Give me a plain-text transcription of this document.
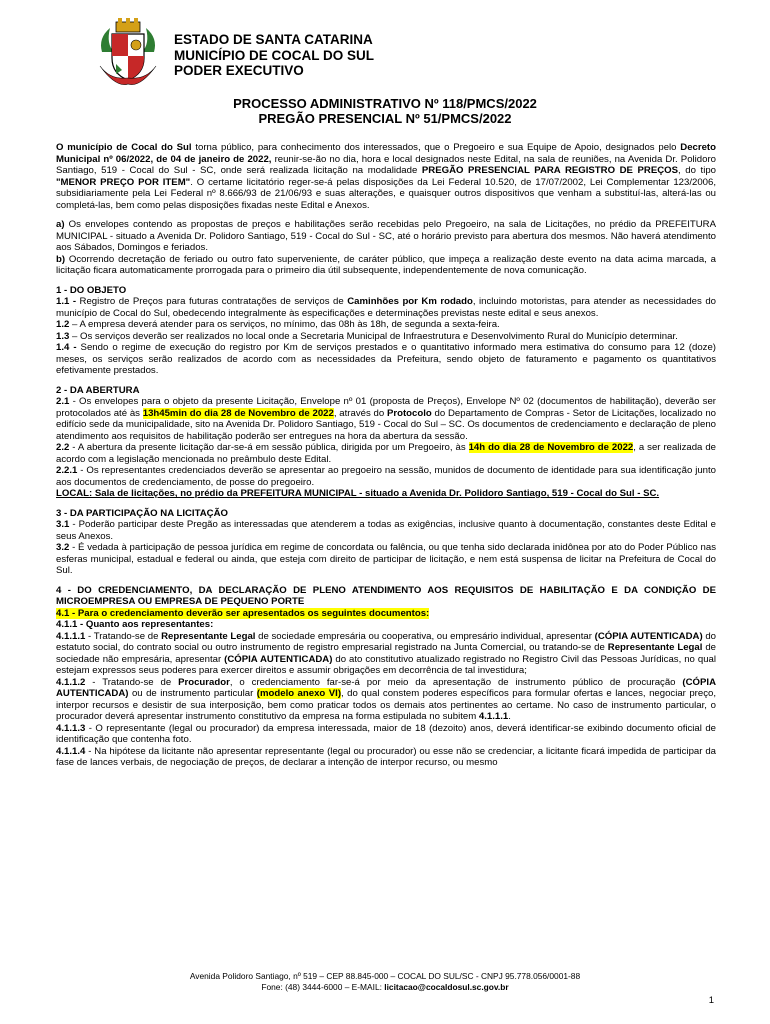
ESTADO DE SANTA CATARINA
MUNICÍPIO DE COCAL DO SUL
PODER EXECUTIVO
PROCESSO ADMINISTRATIVO Nº 118/PMCS/2022
PREGÃO PRESENCIAL Nº 51/PMCS/2022

O município de Cocal do Sul torna público, para conhecimento dos interessados, que o Pregoeiro e sua Equipe de Apoio, designados pelo Decreto Municipal nº 06/2022, de 04 de janeiro de 2022, reunir-se-ão no dia, hora e local designados neste Edital, na sala de reuniões, na Avenida Dr. Polidoro Santiago, 519 - Cocal do Sul - SC, onde será realizada licitação na modalidade PREGÃO PRESENCIAL PARA REGISTRO DE PREÇOS, do tipo "MENOR PREÇO POR ITEM". O certame licitatório reger-se-á pelas disposições da Lei Federal 10.520, de 17/07/2002, Lei Complementar 123/2006, subsidiariamente pela Lei Federal nº 8.666/93 de 21/06/93 e suas alterações, e quaisquer outros dispositivos que venham a substituí-las, alterá-las ou completá-las, bem como pelas disposições fixadas neste Edital e Anexos.

a) Os envelopes contendo as propostas de preços e habilitações serão recebidas pelo Pregoeiro, na sala de Licitações, no prédio da PREFEITURA MUNICIPAL - situado a Avenida Dr. Polidoro Santiago, 519 - Cocal do Sul - SC, até o horário previsto para abertura dos mesmos. Não haverá atendimento aos Sábados, Domingos e feriados.

b) Ocorrendo decretação de feriado ou outro fato superveniente, de caráter público, que impeça a realização deste evento na data acima marcada, a licitação ficara automaticamente prorrogada para o primeiro dia útil subsequente, independentemente de nova comunicação.

1 - DO OBJETO

1.1 - Registro de Preços para futuras contratações de serviços de Caminhões por Km rodado, incluindo motoristas, para atender as necessidades do município de Cocal do Sul, obedecendo integralmente às especificações e determinações previstas neste edital e seus anexos.

1.2 – A empresa deverá atender para os serviços, no mínimo, das 08h às 18h, de segunda a sexta-feira.

1.3 – Os serviços deverão ser realizados no local onde a Secretaria Municipal de Infraestrutura e Desenvolvimento Rural do Município determinar.

1.4 - Sendo o regime de execução do registro por Km de serviços prestados e o quantitativo informado mera estimativa do consumo para 12 (doze) meses, os serviços serão realizados de acordo com as necessidades da Prefeitura, sendo objeto de faturamento e pagamento os quantitativos efetivamente prestados.

2 - DA ABERTURA

2.1 - Os envelopes para o objeto da presente Licitação, Envelope nº 01 (proposta de Preços), Envelope Nº 02 (documentos de habilitação), deverão ser protocolados até às 13h45min do dia 28 de Novembro de 2022, através do Protocolo do Departamento de Compras - Setor de Licitações, localizado no edifício sede da municipalidade, sito na Avenida Dr. Polidoro Santiago, 519 - Cocal do Sul – SC. Os documentos de credenciamento e declaração de pleno atendimento aos requisitos de habilitação poderão ser entregues na hora da abertura da sessão.

2.2 - A abertura da presente licitação dar-se-á em sessão pública, dirigida por um Pregoeiro, às 14h do dia 28 de Novembro de 2022, a ser realizada de acordo com a legislação mencionada no preâmbulo deste Edital.

2.2.1 - Os representantes credenciados deverão se apresentar ao pregoeiro na sessão, munidos de documento de identidade para sua identificação junto aos documentos de credenciamento, de posse do pregoeiro.

LOCAL: Sala de licitações, no prédio da PREFEITURA MUNICIPAL - situado a Avenida Dr. Polidoro Santiago, 519 - Cocal do Sul - SC.

3 - DA PARTICIPAÇÃO NA LICITAÇÃO

3.1 - Poderão participar deste Pregão as interessadas que atenderem a todas as exigências, inclusive quanto à documentação, constantes deste Edital e seus Anexos.

3.2 - É vedada à participação de pessoa jurídica em regime de concordata ou falência, ou que tenha sido declarada inidônea por ato do Poder Público nas esferas municipal, estadual e federal ou ainda, que esteja com direito de participar de licitação, e nem está suspensa de licitar na Prefeitura de Cocal do Sul.

4 - DO CREDENCIAMENTO, DA DECLARAÇÃO DE PLENO ATENDIMENTO AOS REQUISITOS DE HABILITAÇÃO E DA CONDIÇÃO DE MICROEMPRESA OU EMPRESA DE PEQUENO PORTE

4.1 - Para o credenciamento deverão ser apresentados os seguintes documentos:

4.1.1 - Quanto aos representantes:

4.1.1.1 - Tratando-se de Representante Legal de sociedade empresária ou cooperativa, ou empresário individual, apresentar (CÓPIA AUTENTICADA) do estatuto social, do contrato social ou outro instrumento de registro empresarial registrado na Junta Comercial, ou tratando-se de Representante Legal de sociedade não empresária, apresentar (CÓPIA AUTENTICADA) do ato constitutivo atualizado registrado no Registro Civil das Pessoas Jurídicas, no qual estejam expressos seus poderes para exercer direitos e assumir obrigações em decorrência de tal investidura;

4.1.1.2 - Tratando-se de Procurador, o credenciamento far-se-á por meio da apresentação de instrumento público de procuração (CÓPIA AUTENTICADA) ou de instrumento particular (modelo anexo VI), do qual constem poderes específicos para formular ofertas e lances, negociar preço, interpor recursos e desistir de sua interposição, bem como praticar todos os demais atos pertinentes ao certame. No caso de instrumento particular, o procurador deverá apresentar instrumento constitutivo da empresa na forma estipulada no subitem 4.1.1.1.

4.1.1.3 - O representante (legal ou procurador) da empresa interessada, maior de 18 (dezoito) anos, deverá identificar-se exibindo documento oficial de identificação que contenha foto.

4.1.1.4 - Na hipótese da licitante não apresentar representante (legal ou procurador) ou esse não se credenciar, a licitante ficará impedida de participar da fase de lances verbais, de negociação de preços, de declarar a intenção de interpor recurso, ou mesmo

Avenida Polidoro Santiago, nº 519 – CEP 88.845-000 – COCAL DO SUL/SC - CNPJ 95.778.056/0001-88
Fone: (48) 3444-6000 – E-MAIL: licitacao@cocaldosul.sc.gov.br
1
